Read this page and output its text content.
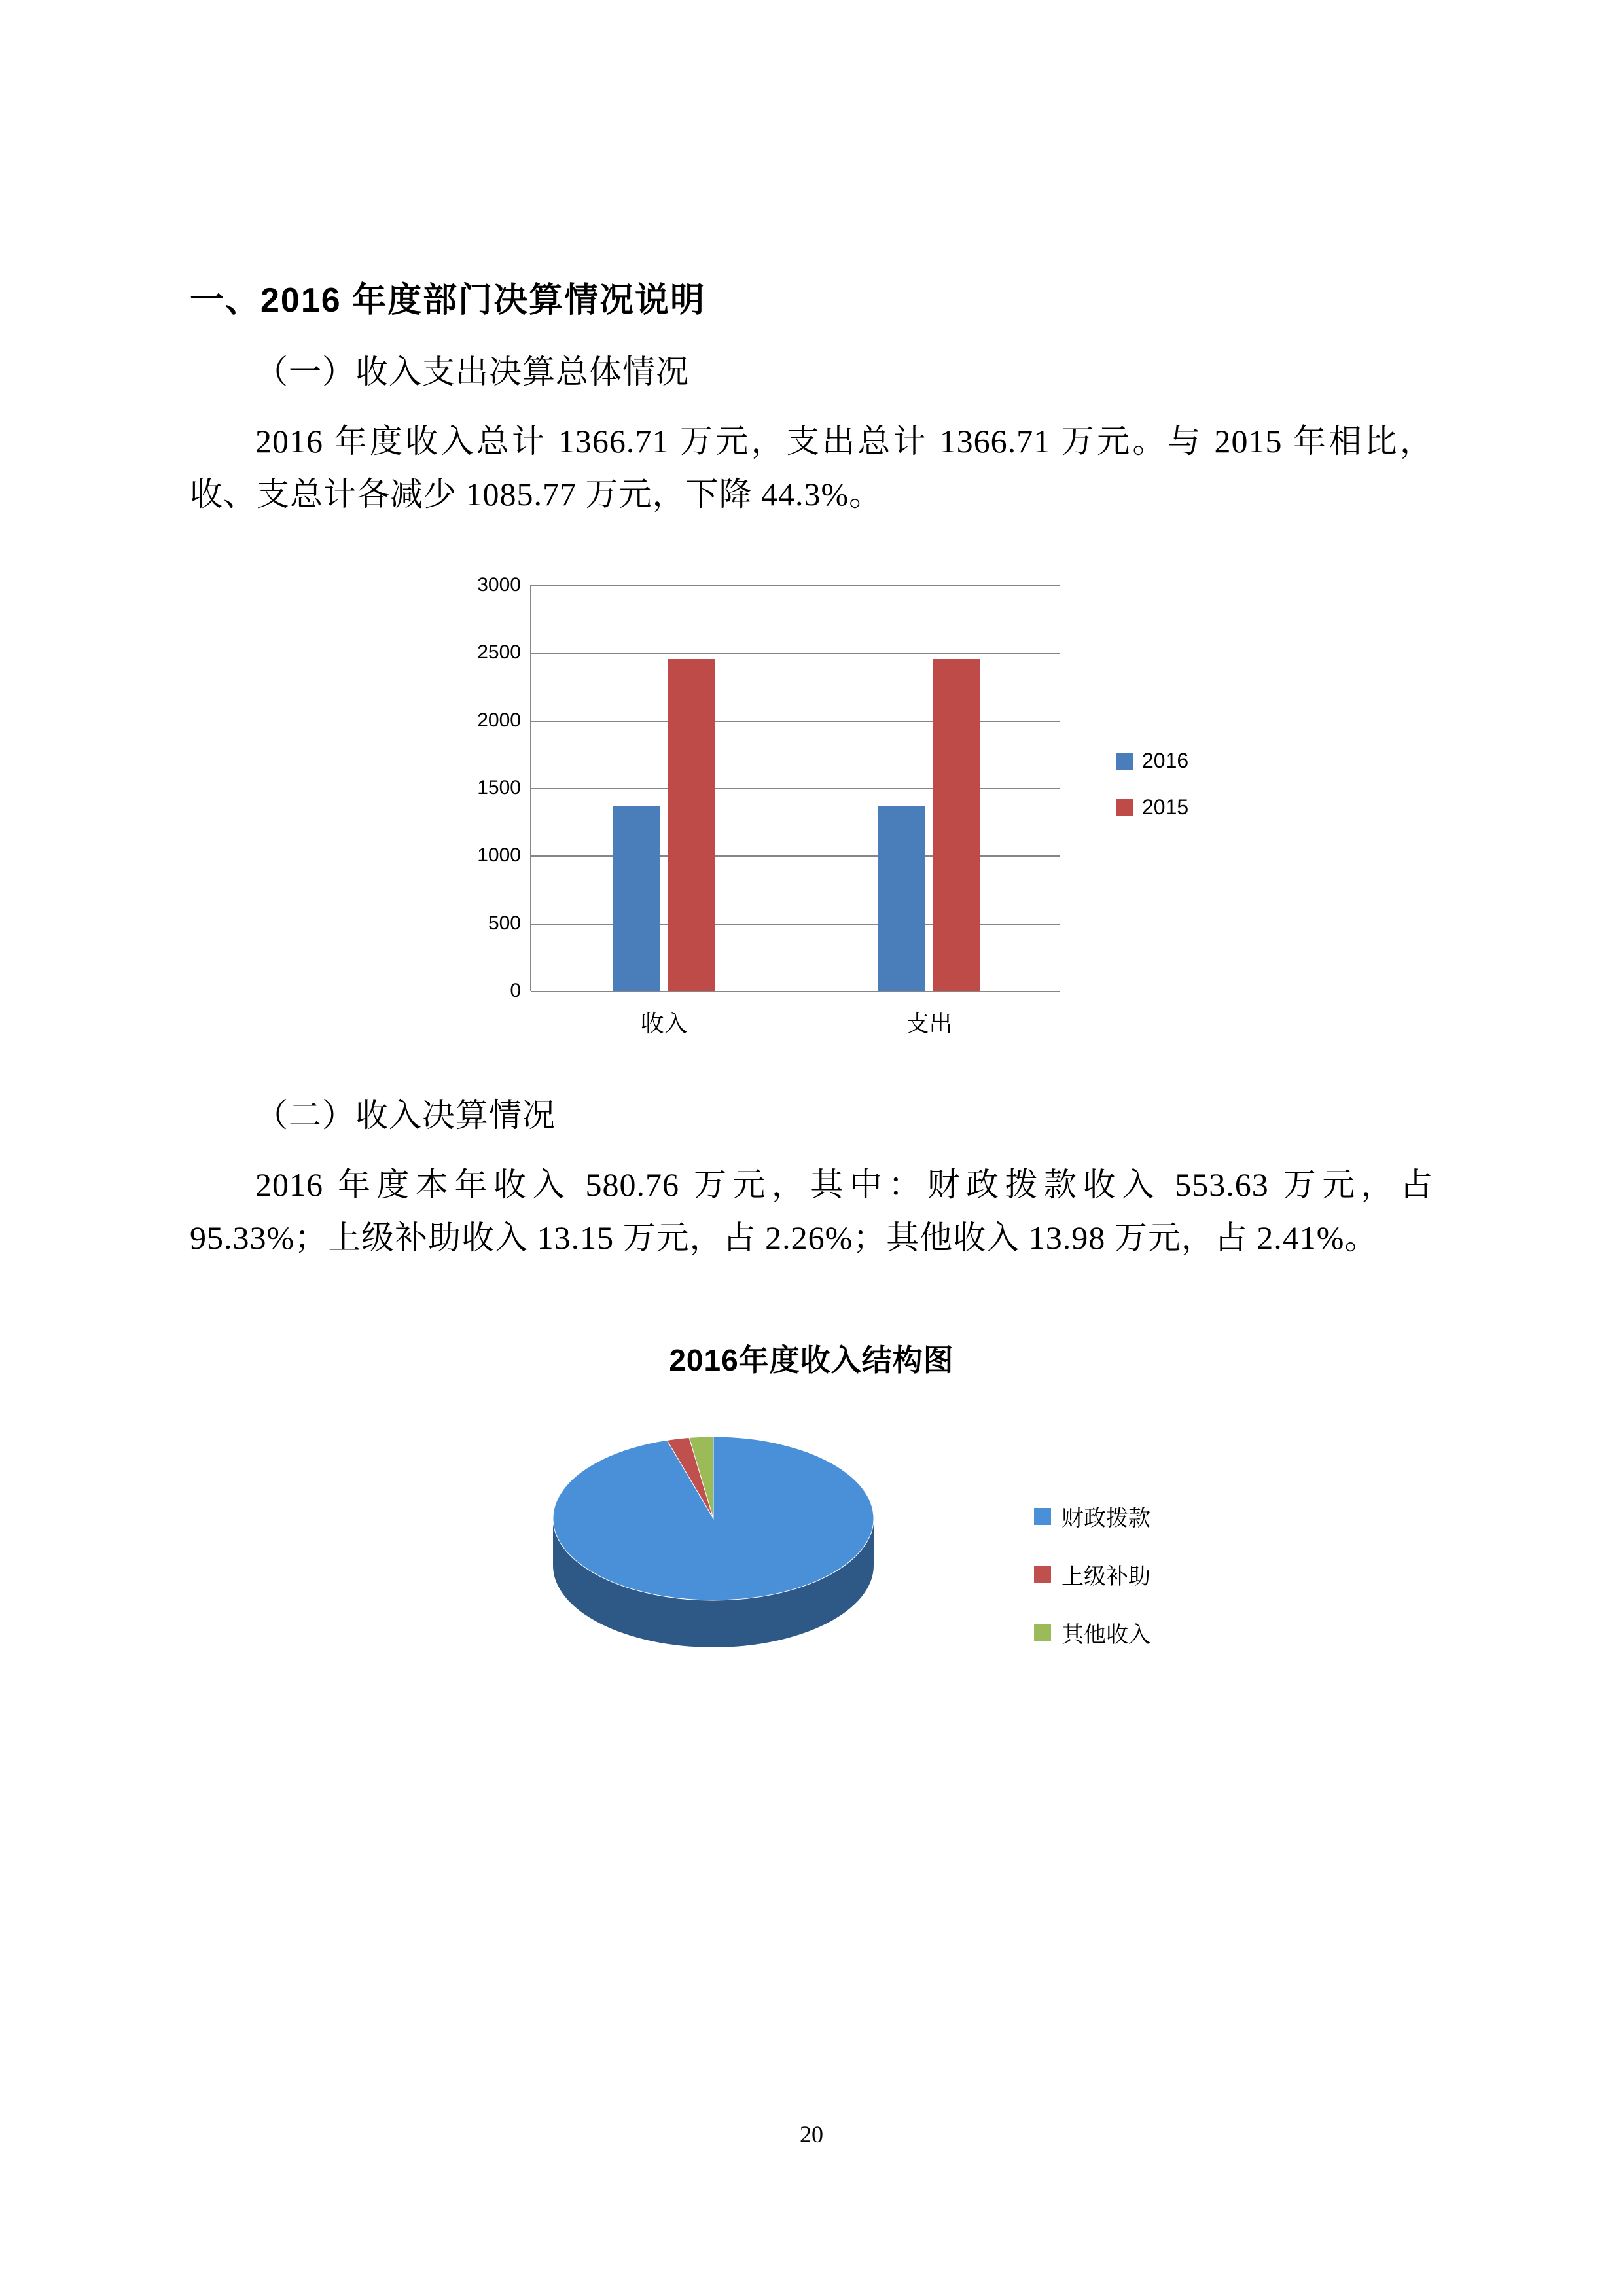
一、2016 年度部门决算情况说明
（一）收入支出决算总体情况
2016 年度收入总计 1366.71 万元，支出总计 1366.71 万元。与 2015 年相比，收、支总计各减少 1085.77 万元，下降 44.3%。
0
500
1000
1500
2000
2500
3000
收入	支出
2016
2015
（二）收入决算情况
2016 年度本年收入 580.76 万元，其中：财政拨款收入 553.63 万元，占 95.33%；上级补助收入 13.15 万元，占 2.26%；其他收入 13.98 万元，占 2.41%。
2016年度收入结构图
财政拨款
上级补助
其他收入
20
